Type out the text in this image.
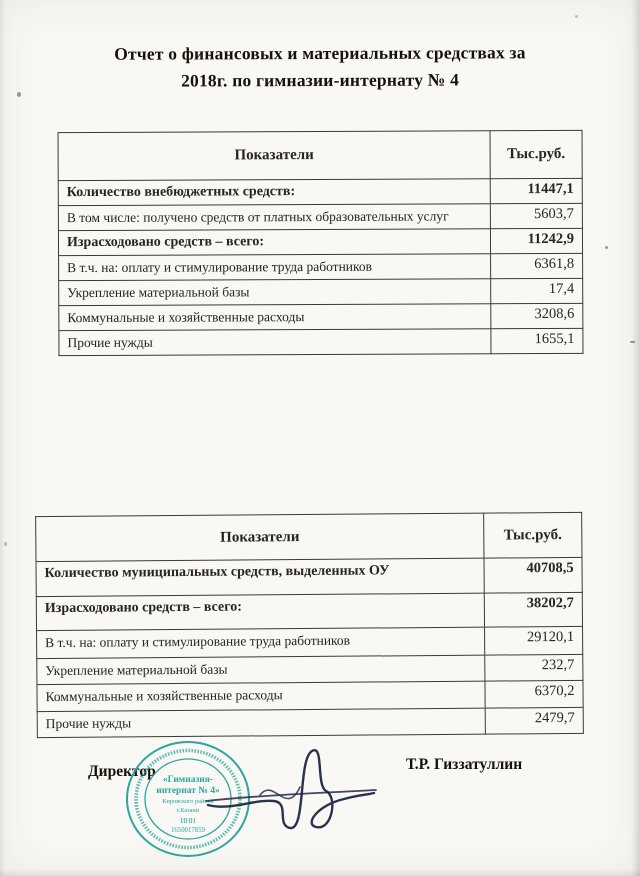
Отчет о финансовых и материальных средствах за
2018г. по гимназии-интернату № 4
Показатели	Тыс.руб.
Количество внебюджетных средств:	11447,1
В том числе: получено средств от платных образовательных услуг	5603,7
Израсходовано средств – всего:	11242,9
В т.ч. на: оплату и стимулирование труда работников	6361,8
Укрепление материальной базы	17,4
Коммунальные и хозяйственные расходы	3208,6
Прочие нужды	1655,1
Показатели	Тыс.руб.
Количество муниципальных средств, выделенных ОУ	40708,5
Израсходовано средств – всего:	38202,7
В т.ч. на: оплату и стимулирование труда работников	29120,1
Укрепление материальной базы	232,7
Коммунальные и хозяйственные расходы	6370,2
Прочие нужды	2479,7
Директор	Т.Р. Гиззатуллин
«Гимназия-
интернат № 4»
Кировского района
г.Казани
ИНН
1650017859
